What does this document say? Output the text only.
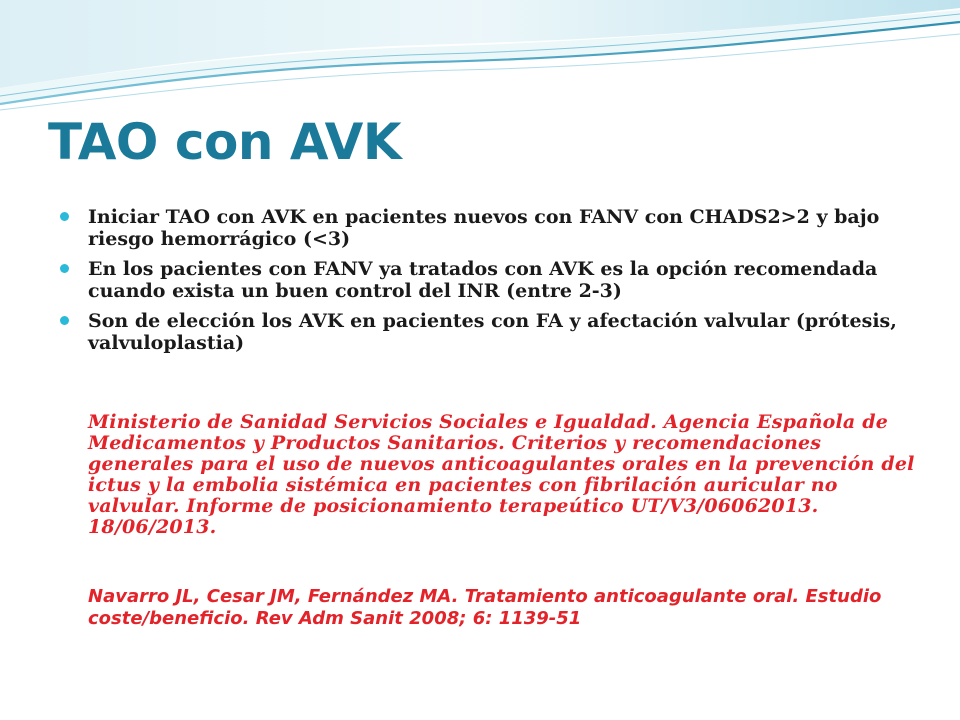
TAO con AVK
Iniciar TAO con AVK en pacientes nuevos con FANV con CHADS2>2 y bajo riesgo hemorrágico (<3)
En los pacientes con FANV ya tratados con AVK es la opción recomendada cuando exista un buen control del INR (entre 2-3)
Son de elección los AVK en pacientes con FA y afectación valvular (prótesis, valvuloplastia)

Ministerio de Sanidad Servicios Sociales e Igualdad. Agencia Española de Medicamentos y Productos Sanitarios. Criterios y recomendaciones generales para el uso de nuevos anticoagulantes orales en la prevención del ictus y la embolia sistémica en pacientes con fibrilación auricular no valvular. Informe de posicionamiento terapeútico UT/V3/06062013. 18/06/2013.

Navarro JL, Cesar JM, Fernández MA. Tratamiento anticoagulante oral. Estudio coste/beneficio. Rev Adm Sanit 2008; 6: 1139-51
